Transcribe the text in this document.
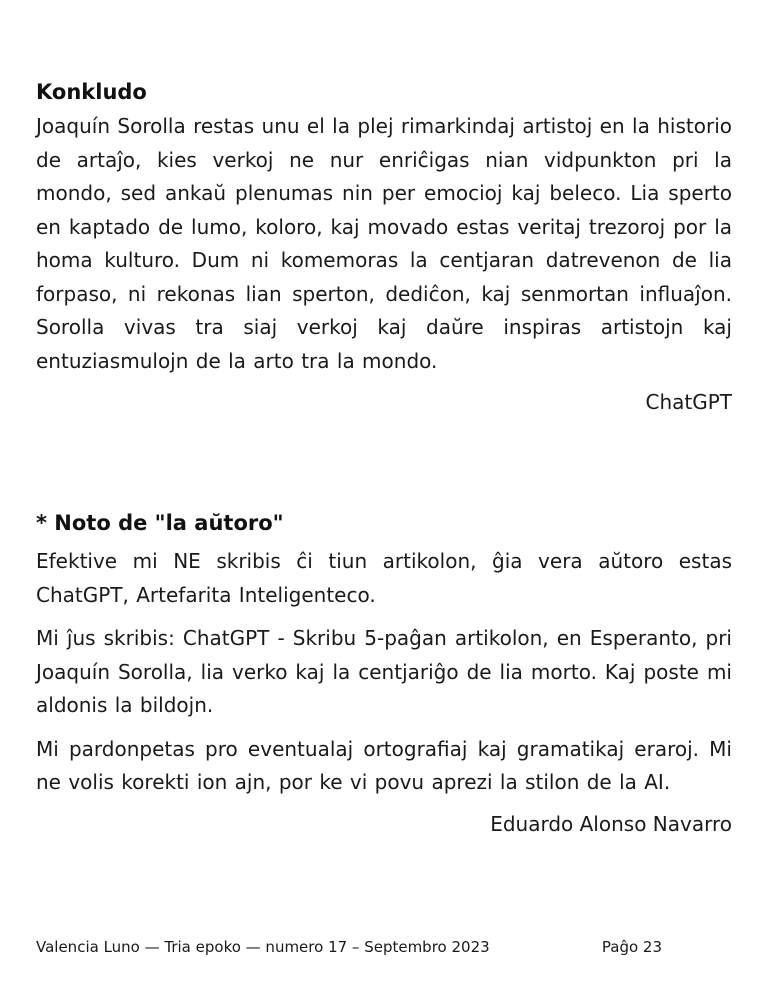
Konkludo

Joaquín Sorolla restas unu el la plej rimarkindaj artistoj en la historio de artaĵo, kies verkoj ne nur enriĉigas nian vidpunkton pri la mondo, sed ankaŭ plenumas nin per emocioj kaj beleco. Lia sperto en kaptado de lumo, koloro, kaj movado estas veritaj trezoroj por la homa kulturo. Dum ni komemoras la centjaran datrevenon de lia forpaso, ni rekonas lian sperton, dediĉon, kaj senmortan influaĵon. Sorolla vivas tra siaj verkoj kaj daŭre inspiras artistojn kaj entuziasmulojn de la arto tra la mondo.

ChatGPT
* Noto de "la aŭtoro"

Efektive mi NE skribis ĉi tiun artikolon, ĝia vera aŭtoro estas ChatGPT, Artefarita Inteligenteco.

Mi ĵus skribis: ChatGPT - Skribu 5-paĝan artikolon, en Esperanto, pri Joaquín Sorolla, lia verko kaj la centjariĝo de lia morto. Kaj poste mi aldonis la bildojn.

Mi pardonpetas pro eventualaj ortografiaj kaj gramatikaj eraroj. Mi ne volis korekti ion ajn, por ke vi povu aprezi la stilon de la AI.

Eduardo Alonso Navarro
Valencia Luno — Tria epoko — numero 17 – Septembro 2023	Paĝo 23
